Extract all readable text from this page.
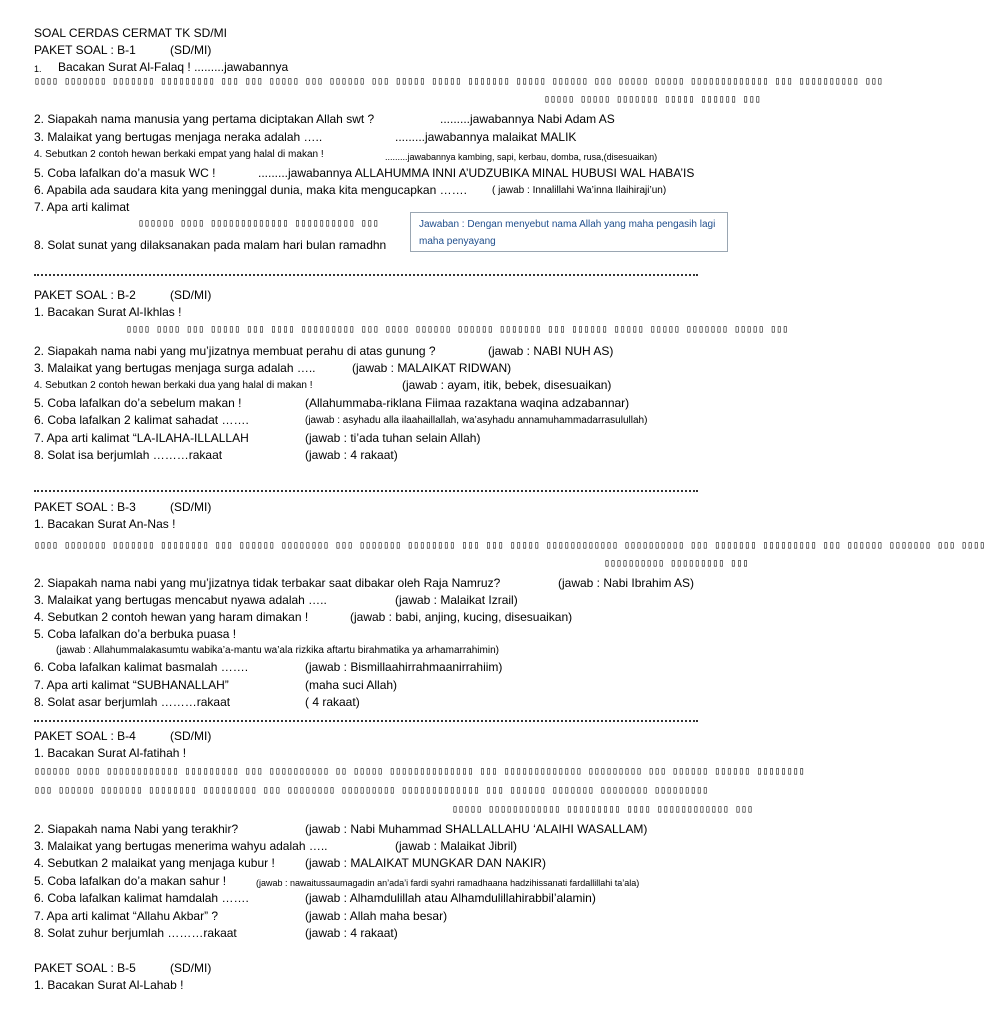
SOAL CERDAS CERMAT TK SD/MI
PAKET SOAL : B-1	(SD/MI)
1. Bacakan Surat Al-Falaq ! .........jawabannya
▯▯▯▯ ▯▯▯▯▯▯▯ ▯▯▯▯▯▯▯ ▯▯▯▯▯▯▯▯▯ ▯▯▯ ▯▯▯ ▯▯▯▯▯ ▯▯▯ ▯▯▯▯▯▯ ▯▯▯ ▯▯▯▯▯ ▯▯▯▯▯ ▯▯▯▯▯▯▯ ▯▯▯▯▯ ▯▯▯▯▯▯ ▯▯▯ ▯▯▯▯▯ ▯▯▯▯▯ ▯▯▯▯▯▯▯▯▯▯▯▯▯ ▯▯▯ ▯▯▯▯▯▯▯▯▯▯ ▯▯▯
▯▯▯▯▯ ▯▯▯▯▯ ▯▯▯▯▯▯▯ ▯▯▯▯▯ ▯▯▯▯▯▯ ▯▯▯
2. Siapakah nama manusia yang pertama diciptakan Allah swt ?	.........jawabannya Nabi Adam AS
3. Malaikat yang bertugas menjaga neraka adalah …..	.........jawabannya malaikat MALIK
4. Sebutkan 2 contoh hewan berkaki empat yang halal di makan !	.........jawabannya kambing, sapi, kerbau, domba, rusa,(disesuaikan)
5. Coba lafalkan do’a masuk WC !	.........jawabannya ALLAHUMMA INNI A’UDZUBIKA MINAL HUBUSI WAL HABA’IS
6. Apabila ada saudara kita yang meninggal dunia, maka kita mengucapkan …….	( jawab : Innalillahi Wa’inna Ilaihiraji’un)
7. Apa arti kalimat
▯▯▯▯▯▯ ▯▯▯▯ ▯▯▯▯▯▯▯▯▯▯▯▯▯ ▯▯▯▯▯▯▯▯▯▯ ▯▯▯	Jawaban : Dengan menyebut nama Allah yang maha pengasih lagi maha penyayang
8. Solat sunat yang dilaksanakan pada malam hari bulan ramadhn
PAKET SOAL : B-2	(SD/MI)
1. Bacakan Surat Al-Ikhlas !
▯▯▯▯ ▯▯▯▯ ▯▯▯ ▯▯▯▯▯ ▯▯▯ ▯▯▯▯ ▯▯▯▯▯▯▯▯▯ ▯▯▯ ▯▯▯▯ ▯▯▯▯▯▯ ▯▯▯▯▯▯ ▯▯▯▯▯▯▯ ▯▯▯ ▯▯▯▯▯▯ ▯▯▯▯▯ ▯▯▯▯▯ ▯▯▯▯▯▯▯ ▯▯▯▯▯ ▯▯▯
2. Siapakah nama nabi yang mu’jizatnya membuat perahu di atas gunung ?	(jawab : NABI NUH AS)
3. Malaikat yang bertugas menjaga surga adalah …..	(jawab : MALAIKAT RIDWAN)
4. Sebutkan 2 contoh hewan berkaki dua yang halal di makan !	(jawab : ayam, itik, bebek, disesuaikan)
5. Coba lafalkan do’a sebelum makan !	(Allahummaba-riklana Fiimaa razaktana waqina adzabannar)
6. Coba lafalkan 2 kalimat sahadat …….	(jawab : asyhadu alla ilaahaillallah, wa’asyhadu annamuhammadarrasulullah)
7. Apa arti kalimat “LA-ILAHA-ILLALLAH	(jawab : ti’ada tuhan selain Allah)
8. Solat isa berjumlah ………rakaat	(jawab : 4 rakaat)
PAKET SOAL : B-3	(SD/MI)
1. Bacakan Surat An-Nas !
▯▯▯▯ ▯▯▯▯▯▯▯ ▯▯▯▯▯▯▯ ▯▯▯▯▯▯▯▯ ▯▯▯ ▯▯▯▯▯▯ ▯▯▯▯▯▯▯▯ ▯▯▯ ▯▯▯▯▯▯▯ ▯▯▯▯▯▯▯▯ ▯▯▯ ▯▯▯ ▯▯▯▯▯ ▯▯▯▯▯▯▯▯▯▯▯▯ ▯▯▯▯▯▯▯▯▯▯ ▯▯▯ ▯▯▯▯▯▯▯ ▯▯▯▯▯▯▯▯▯ ▯▯▯ ▯▯▯▯▯▯ ▯▯▯▯▯▯▯ ▯▯▯ ▯▯▯▯
▯▯▯▯▯▯▯▯▯▯ ▯▯▯▯▯▯▯▯▯ ▯▯▯
2. Siapakah nama nabi yang mu’jizatnya tidak terbakar saat dibakar oleh Raja Namruz?	(jawab : Nabi Ibrahim AS)
3. Malaikat yang bertugas mencabut nyawa adalah …..	(jawab : Malaikat Izrail)
4. Sebutkan 2 contoh hewan yang haram dimakan !	(jawab : babi, anjing, kucing, disesuaikan)
5. Coba lafalkan do’a berbuka puasa !
(jawab : Allahummalakasumtu wabika’a-mantu wa’ala rizkika aftartu birahmatika ya arhamarrahimin)
6. Coba lafalkan kalimat basmalah …….	(jawab : Bismillaahirrahmaanirrahiim)
7. Apa arti kalimat “SUBHANALLAH”	(maha suci Allah)
8. Solat asar berjumlah ………rakaat	( 4 rakaat)
PAKET SOAL : B-4	(SD/MI)
1. Bacakan Surat Al-fatihah !
▯▯▯▯▯▯ ▯▯▯▯ ▯▯▯▯▯▯▯▯▯▯▯▯ ▯▯▯▯▯▯▯▯▯ ▯▯▯ ▯▯▯▯▯▯▯▯▯▯ ▯▯ ▯▯▯▯▯ ▯▯▯▯▯▯▯▯▯▯▯▯▯▯ ▯▯▯ ▯▯▯▯▯▯▯▯▯▯▯▯▯ ▯▯▯▯▯▯▯▯▯ ▯▯▯ ▯▯▯▯▯▯ ▯▯▯▯▯▯ ▯▯▯▯▯▯▯▯
▯▯▯ ▯▯▯▯▯▯ ▯▯▯▯▯▯▯ ▯▯▯▯▯▯▯▯ ▯▯▯▯▯▯▯▯▯ ▯▯▯ ▯▯▯▯▯▯▯▯ ▯▯▯▯▯▯▯▯▯ ▯▯▯▯▯▯▯▯▯▯▯▯▯ ▯▯▯ ▯▯▯▯▯▯ ▯▯▯▯▯▯▯ ▯▯▯▯▯▯▯▯ ▯▯▯▯▯▯▯▯▯
▯▯▯▯▯ ▯▯▯▯▯▯▯▯▯▯▯▯ ▯▯▯▯▯▯▯▯▯ ▯▯▯▯ ▯▯▯▯▯▯▯▯▯▯▯▯ ▯▯▯
2. Siapakah nama Nabi yang terakhir?	(jawab : Nabi Muhammad SHALLALLAHU ‘ALAIHI WASALLAM)
3. Malaikat yang bertugas menerima wahyu adalah …..	(jawab : Malaikat Jibril)
4. Sebutkan 2 malaikat yang menjaga kubur !	(jawab : MALAIKAT MUNGKAR DAN NAKIR)
5. Coba lafalkan do’a makan sahur !	(jawab : nawaitussaumagadin an’ada’i fardi syahri ramadhaana hadzihissanati fardallillahi ta’ala)
6. Coba lafalkan kalimat hamdalah …….	(jawab : Alhamdulillah atau Alhamdulillahirabbil’alamin)
7. Apa arti kalimat “Allahu Akbar” ?	(jawab : Allah maha besar)
8. Solat zuhur berjumlah ………rakaat	(jawab : 4 rakaat)
PAKET SOAL : B-5	(SD/MI)
1. Bacakan Surat Al-Lahab !
